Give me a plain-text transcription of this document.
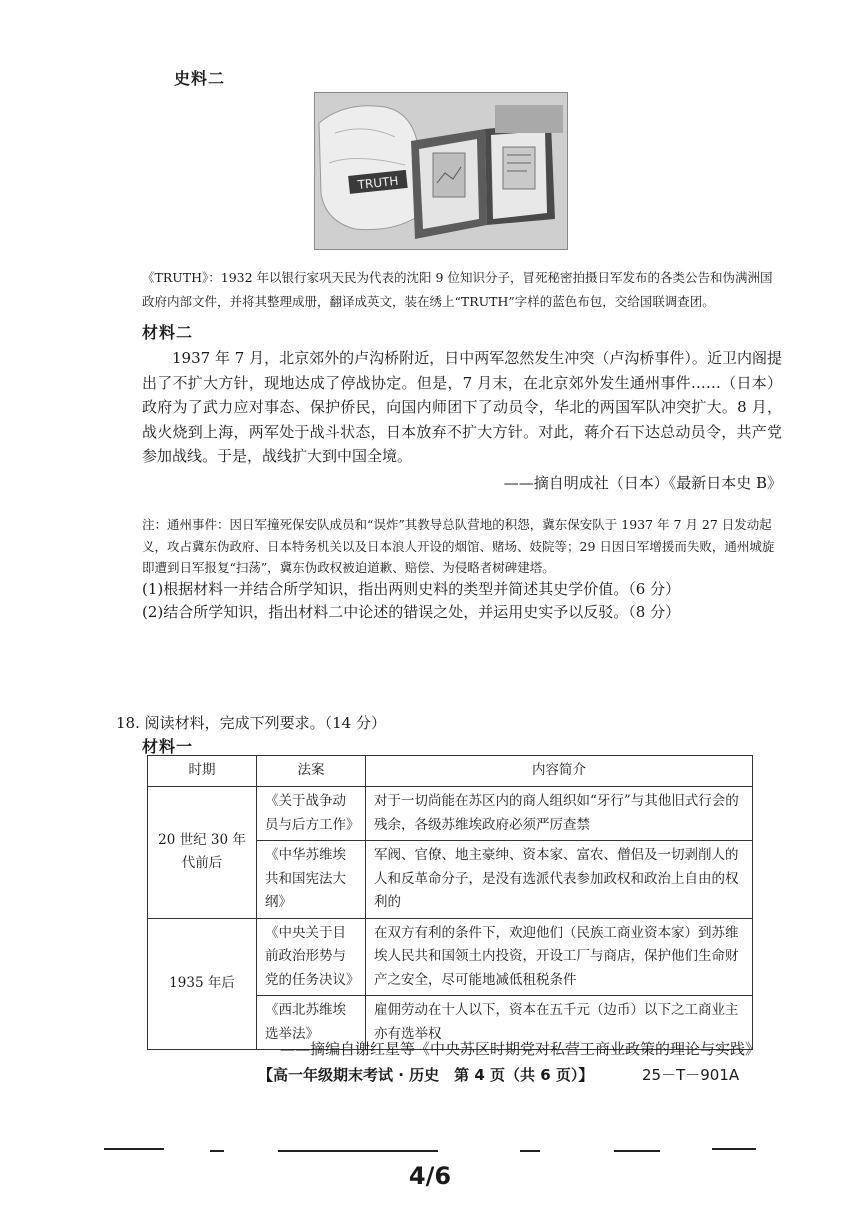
史料二
TRUTH
《TRUTH》：1932 年以银行家巩天民为代表的沈阳 9 位知识分子，冒死秘密拍摄日军发布的各类公告和伪满洲国政府内部文件，并将其整理成册，翻译成英文，装在绣上“TRUTH”字样的蓝色布包，交给国联调查团。
材料二

1937 年 7 月，北京郊外的卢沟桥附近，日中两军忽然发生冲突（卢沟桥事件）。近卫内阁提出了不扩大方针，现地达成了停战协定。但是，7 月末，在北京郊外发生通州事件……（日本）政府为了武力应对事态、保护侨民，向国内师团下了动员令，华北的两国军队冲突扩大。8 月，战火烧到上海，两军处于战斗状态，日本放弃不扩大方针。对此，蒋介石下达总动员令，共产党参加战线。于是，战线扩大到中国全境。

——摘自明成社（日本）《最新日本史 B》

注：通州事件：因日军撞死保安队成员和“误炸”其教导总队营地的积怨，冀东保安队于 1937 年 7 月 27 日发动起义，攻占冀东伪政府、日本特务机关以及日本浪人开设的烟馆、赌场、妓院等；29 日因日军增援而失败，通州城旋即遭到日军报复“扫荡”，冀东伪政权被迫道歉、赔偿、为侵略者树碑建塔。
(1)根据材料一并结合所学知识，指出两则史料的类型并简述其史学价值。（6 分）
(2)结合所学知识，指出材料二中论述的错误之处，并运用史实予以反驳。（8 分）
18. 阅读材料，完成下列要求。（14 分）
材料一
时期	法案	内容简介
20 世纪 30 年代前后	《关于战争动员与后方工作》	对于一切尚能在苏区内的商人组织如“牙行”与其他旧式行会的残余，各级苏维埃政府必须严厉查禁
	《中华苏维埃共和国宪法大纲》	军阀、官僚、地主豪绅、资本家、富农、僧侣及一切剥削人的人和反革命分子，是没有选派代表参加政权和政治上自由的权利的
1935 年后	《中央关于目前政治形势与党的任务决议》	在双方有利的条件下，欢迎他们（民族工商业资本家）到苏维埃人民共和国领土内投资，开设工厂与商店，保护他们生命财产之安全，尽可能地减低租税条件
	《西北苏维埃选举法》	雇佣劳动在十人以下，资本在五千元（边币）以下之工商业主亦有选举权
——摘编自谢红星等《中央苏区时期党对私营工商业政策的理论与实践》
【高一年级期末考试 · 历史　第 4 页（共 6 页）】	25－T－901A
4/6
